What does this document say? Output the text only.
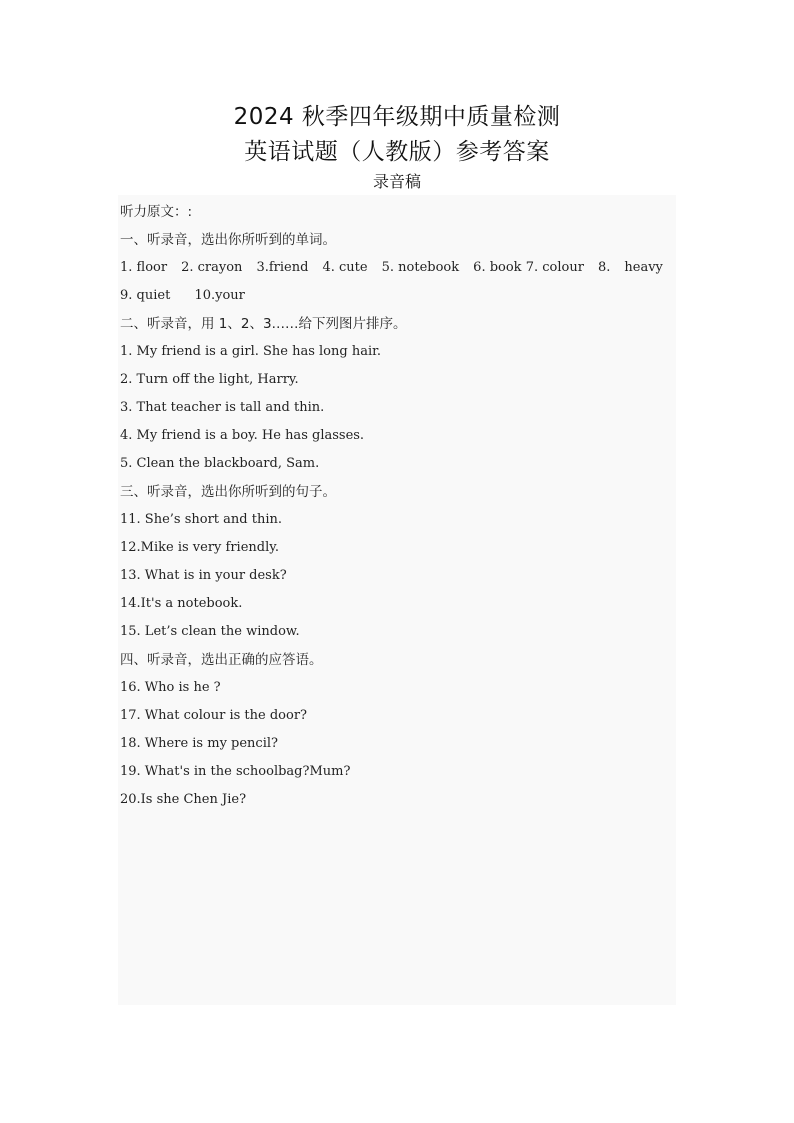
2024 秋季四年级期中质量检测
英语试题（人教版）参考答案
录音稿
听力原文：:
一、听录音，选出你所听到的单词。
1. floor 2. crayon 3.friend 4. cute 5. notebook 6. book 7. colour 8. heavy
9. quiet 10.your
二、听录音，用 1、2、3……给下列图片排序。
1. My friend is a girl. She has long hair.
2. Turn off the light, Harry.
3. That teacher is tall and thin.
4. My friend is a boy. He has glasses.
5. Clean the blackboard, Sam.
三、听录音，选出你所听到的句子。
11. She’s short and thin.
12.Mike is very friendly.
13. What is in your desk?
14.It's a notebook.
15. Let’s clean the window.
四、听录音，选出正确的应答语。
16. Who is he ?
17. What colour is the door?
18. Where is my pencil?
19. What's in the schoolbag?Mum?
20.Is she Chen Jie?
